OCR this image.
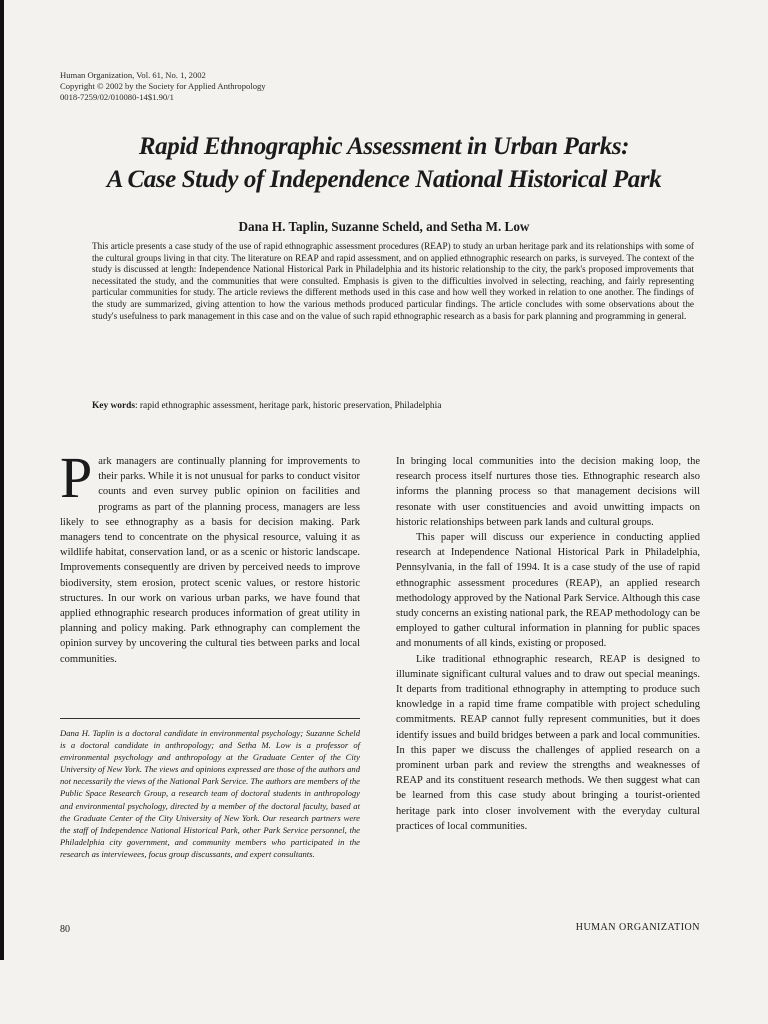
Human Organization, Vol. 61, No. 1, 2002
Copyright © 2002 by the Society for Applied Anthropology
0018-7259/02/010080-14$1.90/1
Rapid Ethnographic Assessment in Urban Parks:
A Case Study of Independence National Historical Park
Dana H. Taplin, Suzanne Scheld, and Setha M. Low
This article presents a case study of the use of rapid ethnographic assessment procedures (REAP) to study an urban heritage park and its relationships with some of the cultural groups living in that city. The literature on REAP and rapid assessment, and on applied ethnographic research on parks, is surveyed. The context of the study is discussed at length: Independence National Historical Park in Philadelphia and its historic relationship to the city, the park's proposed improvements that necessitated the study, and the communities that were consulted. Emphasis is given to the difficulties involved in selecting, reaching, and fairly representing particular communities for study. The article reviews the different methods used in this case and how well they worked in relation to one another. The findings of the study are summarized, giving attention to how the various methods produced particular findings. The article concludes with some observations about the study's usefulness to park management in this case and on the value of such rapid ethnographic research as a basis for park planning and programming in general.
Key words: rapid ethnographic assessment, heritage park, historic preservation, Philadelphia

Park managers are continually planning for improvements to their parks. While it is not unusual for parks to conduct visitor counts and even survey public opinion on facilities and programs as part of the planning process, managers are less likely to see ethnography as a basis for decision making. Park managers tend to concentrate on the physical resource, valuing it as wildlife habitat, conservation land, or as a scenic or historic landscape. Improvements consequently are driven by perceived needs to improve biodiversity, stem erosion, protect scenic values, or restore historic structures. In our work on various urban parks, we have found that applied ethnographic research produces information of great utility in planning and policy making. Park ethnography can complement the opinion survey by uncovering the cultural ties between parks and local communities.

Dana H. Taplin is a doctoral candidate in environmental psychology; Suzanne Scheld is a doctoral candidate in anthropology; and Setha M. Low is a professor of environmental psychology and anthropology at the Graduate Center of the City University of New York. The views and opinions expressed are those of the authors and not necessarily the views of the National Park Service. The authors are members of the Public Space Research Group, a research team of doctoral students in anthropology and environmental psychology, directed by a member of the doctoral faculty, based at the Graduate Center of the City University of New York. Our research partners were the staff of Independence National Historical Park, other Park Service personnel, the Philadelphia city government, and community members who participated in the research as interviewees, focus group discussants, and expert consultants.

In bringing local communities into the decision making loop, the research process itself nurtures those ties. Ethnographic research also informs the planning process so that management decisions will resonate with user constituencies and avoid unwitting impacts on historic relationships between park lands and cultural groups.

This paper will discuss our experience in conducting applied research at Independence National Historical Park in Philadelphia, Pennsylvania, in the fall of 1994. It is a case study of the use of rapid ethnographic assessment procedures (REAP), an applied research methodology approved by the National Park Service. Although this case study concerns an existing national park, the REAP methodology can be employed to gather cultural information in planning for public spaces and monuments of all kinds, existing or proposed.

Like traditional ethnographic research, REAP is designed to illuminate significant cultural values and to draw out special meanings. It departs from traditional ethnography in attempting to produce such knowledge in a rapid time frame compatible with project scheduling commitments. REAP cannot fully represent communities, but it does identify issues and build bridges between a park and local communities. In this paper we discuss the challenges of applied research on a prominent urban park and review the strengths and weaknesses of REAP and its constituent research methods. We then suggest what can be learned from this case study about bringing a tourist-oriented heritage park into closer involvement with the everyday cultural practices of local communities.

80	HUMAN ORGANIZATION
